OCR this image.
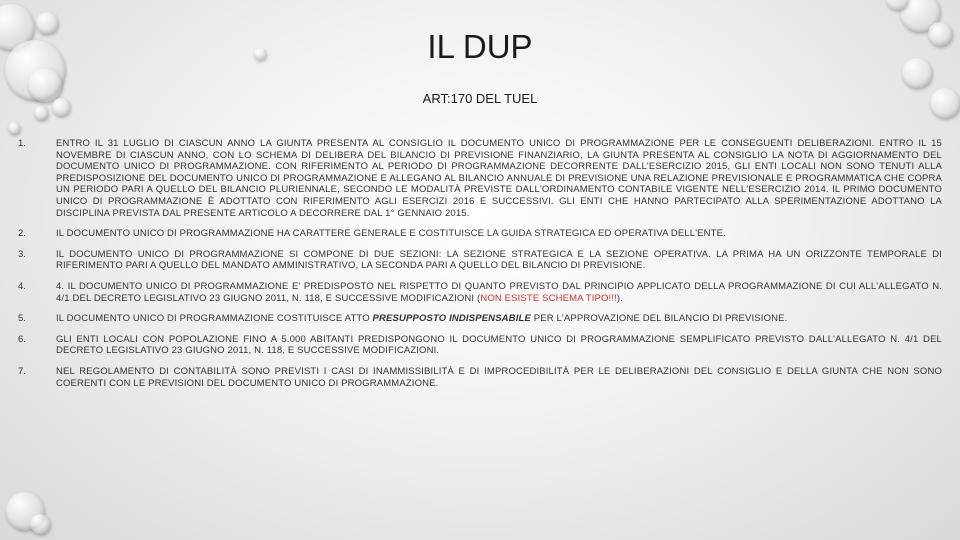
IL DUP

ART:170 DEL TUEL

1.	ENTRO IL 31 LUGLIO DI CIASCUN ANNO LA GIUNTA PRESENTA AL CONSIGLIO IL DOCUMENTO UNICO DI PROGRAMMAZIONE PER LE CONSEGUENTI DELIBERAZIONI. ENTRO IL 15 NOVEMBRE DI CIASCUN ANNO, CON LO SCHEMA DI DELIBERA DEL BILANCIO DI PREVISIONE FINANZIARIO, LA GIUNTA PRESENTA AL CONSIGLIO LA NOTA DI AGGIORNAMENTO DEL DOCUMENTO UNICO DI PROGRAMMAZIONE. CON RIFERIMENTO AL PERIODO DI PROGRAMMAZIONE DECORRENTE DALL'ESERCIZIO 2015, GLI ENTI LOCALI NON SONO TENUTI ALLA PREDISPOSIZIONE DEL DOCUMENTO UNICO DI PROGRAMMAZIONE E ALLEGANO AL BILANCIO ANNUALE DI PREVISIONE UNA RELAZIONE PREVISIONALE E PROGRAMMATICA CHE COPRA UN PERIODO PARI A QUELLO DEL BILANCIO PLURIENNALE, SECONDO LE MODALITÀ PREVISTE DALL'ORDINAMENTO CONTABILE VIGENTE NELL'ESERCIZIO 2014. IL PRIMO DOCUMENTO UNICO DI PROGRAMMAZIONE È ADOTTATO CON RIFERIMENTO AGLI ESERCIZI 2016 E SUCCESSIVI. GLI ENTI CHE HANNO PARTECIPATO ALLA SPERIMENTAZIONE ADOTTANO LA DISCIPLINA PREVISTA DAL PRESENTE ARTICOLO A DECORRERE DAL 1° GENNAIO 2015.
2.	IL DOCUMENTO UNICO DI PROGRAMMAZIONE HA CARATTERE GENERALE E COSTITUISCE LA GUIDA STRATEGICA ED OPERATIVA DELL'ENTE.
3.	IL DOCUMENTO UNICO DI PROGRAMMAZIONE SI COMPONE DI DUE SEZIONI: LA SEZIONE STRATEGICA E LA SEZIONE OPERATIVA. LA PRIMA HA UN ORIZZONTE TEMPORALE DI RIFERIMENTO PARI A QUELLO DEL MANDATO AMMINISTRATIVO, LA SECONDA PARI A QUELLO DEL BILANCIO DI PREVISIONE.
4.	4. IL DOCUMENTO UNICO DI PROGRAMMAZIONE E' PREDISPOSTO NEL RISPETTO DI QUANTO PREVISTO DAL PRINCIPIO APPLICATO DELLA PROGRAMMAZIONE DI CUI ALL'ALLEGATO N. 4/1 DEL DECRETO LEGISLATIVO 23 GIUGNO 2011, N. 118, E SUCCESSIVE MODIFICAZIONI (NON ESISTE SCHEMA TIPO!!!).
5.	IL DOCUMENTO UNICO DI PROGRAMMAZIONE COSTITUISCE ATTO PRESUPPOSTO INDISPENSABILE PER L'APPROVAZIONE DEL BILANCIO DI PREVISIONE.
6.	GLI ENTI LOCALI CON POPOLAZIONE FINO A 5.000 ABITANTI PREDISPONGONO IL DOCUMENTO UNICO DI PROGRAMMAZIONE SEMPLIFICATO PREVISTO DALL'ALLEGATO N. 4/1 DEL DECRETO LEGISLATIVO 23 GIUGNO 2011, N. 118, E SUCCESSIVE MODIFICAZIONI.
7.	NEL REGOLAMENTO DI CONTABILITÀ SONO PREVISTI I CASI DI INAMMISSIBILITÀ E DI IMPROCEDIBILITÀ PER LE DELIBERAZIONI DEL CONSIGLIO E DELLA GIUNTA CHE NON SONO COERENTI CON LE PREVISIONI DEL DOCUMENTO UNICO DI PROGRAMMAZIONE.
